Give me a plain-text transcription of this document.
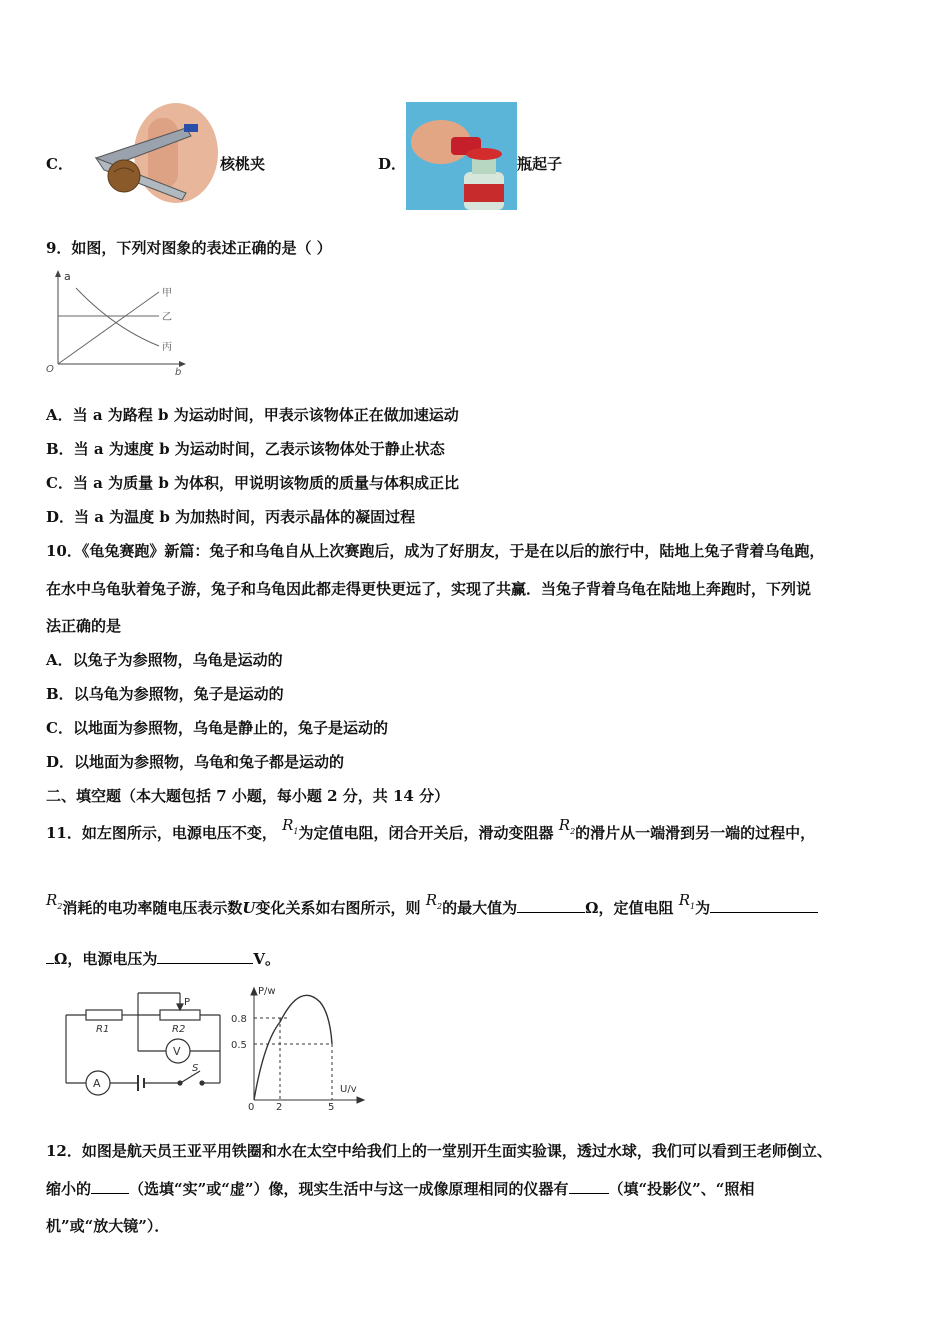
C．	核桃夹	D．	瓶起子
9．如图，下列对图象的表述正确的是（ ）
a
b
O
甲
乙
丙
A．当 a 为路程 b 为运动时间，甲表示该物体正在做加速运动
B．当 a 为速度 b 为运动时间，乙表示该物体处于静止状态
C．当 a 为质量 b 为体积，甲说明该物质的质量与体积成正比
D．当 a 为温度 b 为加热时间，丙表示晶体的凝固过程
10．《龟兔赛跑》新篇：兔子和乌龟自从上次赛跑后，成为了好朋友，于是在以后的旅行中，陆地上兔子背着乌龟跑，
在水中乌龟驮着兔子游，兔子和乌龟因此都走得更快更远了，实现了共赢．当兔子背着乌龟在陆地上奔跑时，下列说
法正确的是
A．以兔子为参照物，乌龟是运动的
B．以乌龟为参照物，兔子是运动的
C．以地面为参照物，乌龟是静止的，兔子是运动的
D．以地面为参照物，乌龟和兔子都是运动的
二、填空题（本大题包括 7 小题，每小题 2 分，共 14 分）
11．如左图所示，电源电压不变， $R_1$为定值电阻，闭合开关后，滑动变阻器 $R_2$的滑片从一端滑到另一端的过程中，
$R_2$消耗的电功率随电压表示数U变化关系如右图所示，则 $R_2$的最大值为	Ω，定值电阻 $R_1$为
Ω，电源电压为	V。
P
R1	R2
V
A
S
P/w
U/v
0.8
0.5
0 2	5
12．如图是航天员王亚平用铁圈和水在太空中给我们上的一堂别开生面实验课，透过水球，我们可以看到王老师倒立、
缩小的	（选填“实”或“虚”）像，现实生活中与这一成像原理相同的仪器有	（填“投影仪”、“照相
机”或“放大镜”）．
